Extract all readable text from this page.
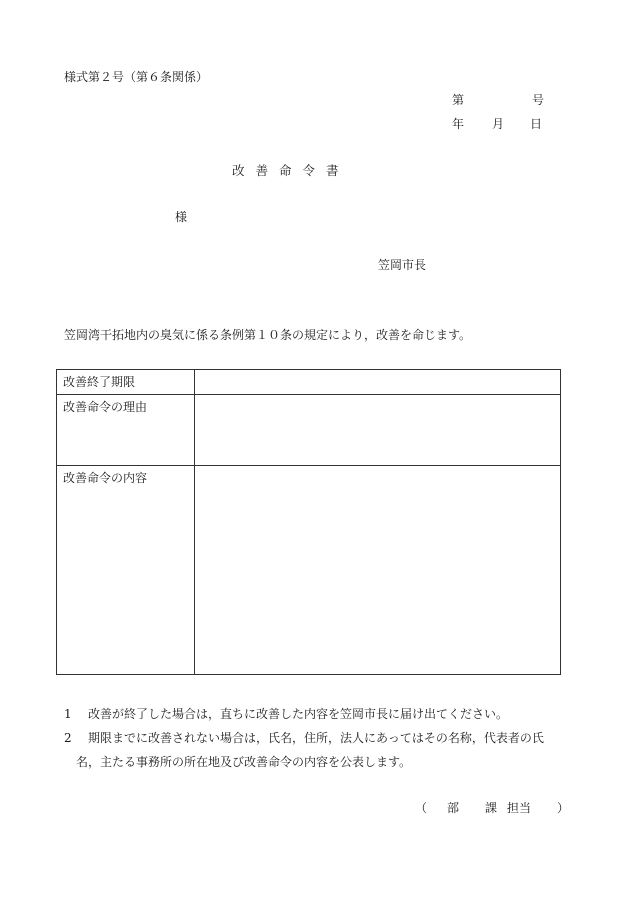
様式第２号（第６条関係）
第	号
年 月 日
改善命令書
様
笠岡市長
笠岡湾干拓地内の臭気に係る条例第１０条の規定により，改善を命じます。
改善終了期限	
改善命令の理由	
改善命令の内容	
1 改善が終了した場合は，直ちに改善した内容を笠岡市長に届け出てください。
2 期限までに改善されない場合は，氏名，住所，法人にあってはその名称，代表者の氏
名，主たる事務所の所在地及び改善命令の内容を公表します。
（ 部 課 担当 ）
